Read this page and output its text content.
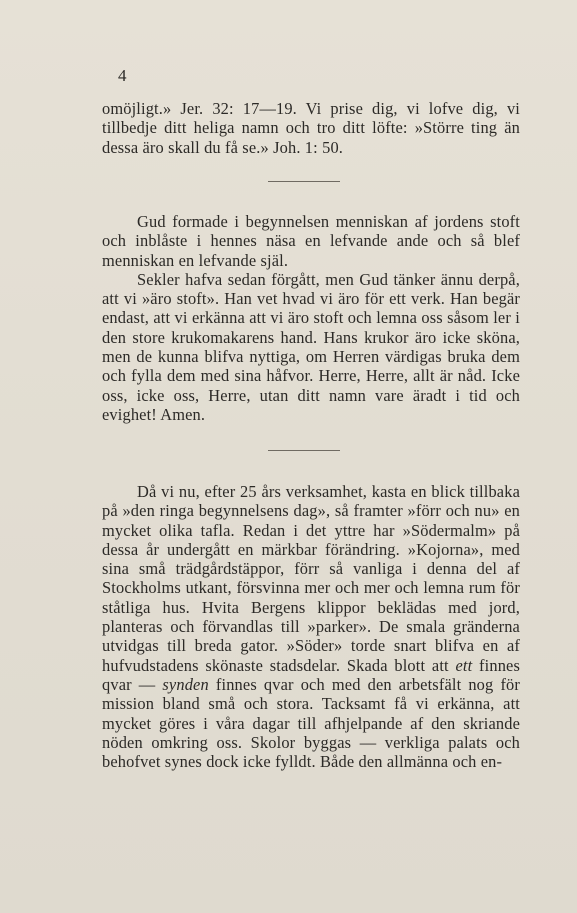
4

omöjligt.» Jer. 32: 17—19. Vi prise dig, vi lofve dig, vi tillbedje ditt heliga namn och tro ditt löfte: »Större ting än dessa äro skall du få se.» Joh. 1: 50.

Gud formade i begynnelsen menniskan af jordens stoft och inblåste i hennes näsa en lefvande ande och så blef menniskan en lefvande själ.

Sekler hafva sedan förgått, men Gud tänker ännu derpå, att vi »äro stoft». Han vet hvad vi äro för ett verk. Han begär endast, att vi erkänna att vi äro stoft och lemna oss såsom ler i den store krukomakarens hand. Hans krukor äro icke sköna, men de kunna blifva nyttiga, om Herren värdigas bruka dem och fylla dem med sina håfvor. Herre, Herre, allt är nåd. Icke oss, icke oss, Herre, utan ditt namn vare äradt i tid och evighet! Amen.

Då vi nu, efter 25 års verksamhet, kasta en blick tillbaka på »den ringa begynnelsens dag», så framter »förr och nu» en mycket olika tafla. Redan i det yttre har »Södermalm» på dessa år undergått en märkbar förändring. »Kojorna», med sina små trädgårdstäppor, förr så vanliga i denna del af Stockholms utkant, försvinna mer och mer och lemna rum för ståtliga hus. Hvita Bergens klippor beklädas med jord, planteras och förvandlas till »parker». De smala gränderna utvidgas till breda gator. »Söder» torde snart blifva en af hufvudstadens skönaste stadsdelar. Skada blott att ett finnes qvar — synden finnes qvar och med den arbetsfält nog för mission bland små och stora. Tacksamt få vi erkänna, att mycket göres i våra dagar till afhjelpande af den skriande nöden omkring oss. Skolor byggas — verkliga palats och behofvet synes dock icke fylldt. Både den allmänna och en-
